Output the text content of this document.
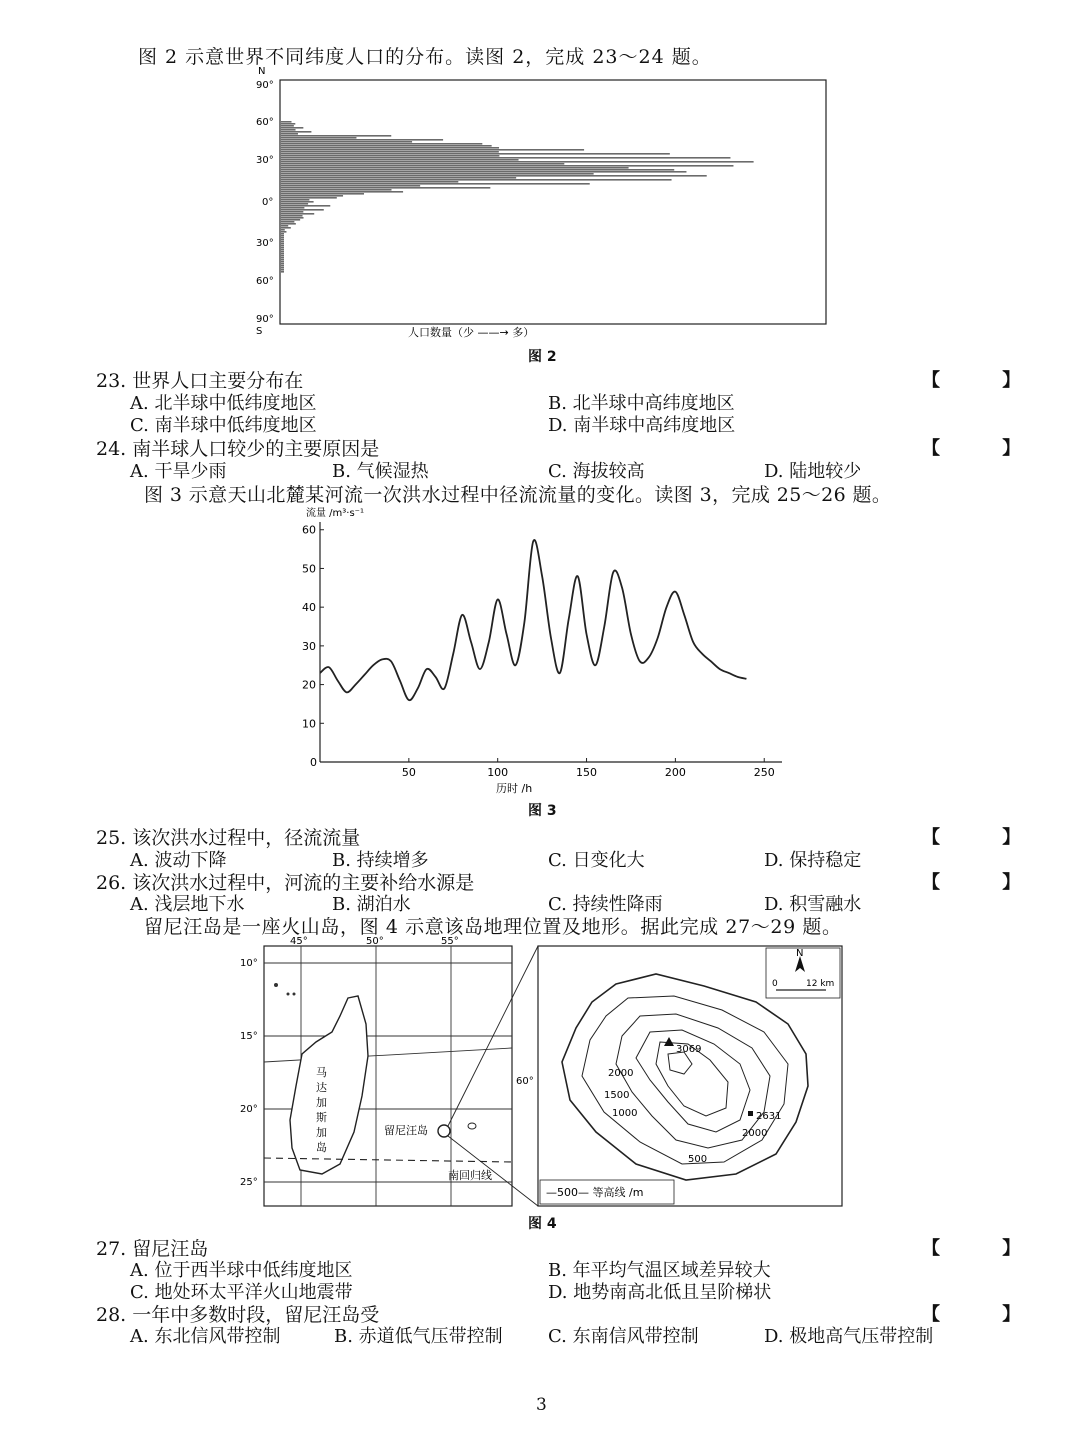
图 2 示意世界不同纬度人口的分布。读图 2，完成 23～24 题。
N
90°
60°
30°
0°
30°
60°
90°
S	人口数量（少 ——→ 多）
图 2
23. 世界人口主要分布在	【 】
A. 北半球中低纬度地区	B. 北半球中高纬度地区
C. 南半球中低纬度地区	D. 南半球中高纬度地区
24. 南半球人口较少的主要原因是	【 】
A. 干旱少雨	B. 气候湿热	C. 海拔较高	D. 陆地较少
图 3 示意天山北麓某河流一次洪水过程中径流流量的变化。读图 3，完成 25～26 题。
流量 /m³·s⁻¹
0
10
20
30
40
50
60
50	100	150	200	250
历时 /h
图 3
25. 该次洪水过程中，径流流量	【 】
A. 波动下降	B. 持续增多	C. 日变化大	D. 保持稳定
26. 该次洪水过程中，河流的主要补给水源是	【 】
A. 浅层地下水	B. 湖泊水	C. 持续性降雨	D. 积雪融水
留尼汪岛是一座火山岛，图 4 示意该岛地理位置及地形。据此完成 27～29 题。
45°	50°	55°
10°
15°
20°
25°
60°
马
达
加
斯
加
岛
留尼汪岛
南回归线
3069
2631
2000
1500
1000
500
2000
N
0	12 km
—500— 等高线 /m
图 4
27. 留尼汪岛	【 】
A. 位于西半球中低纬度地区	B. 年平均气温区域差异较大
C. 地处环太平洋火山地震带	D. 地势南高北低且呈阶梯状
28. 一年中多数时段，留尼汪岛受	【 】
A. 东北信风带控制	B. 赤道低气压带控制	C. 东南信风带控制	D. 极地高气压带控制
3
